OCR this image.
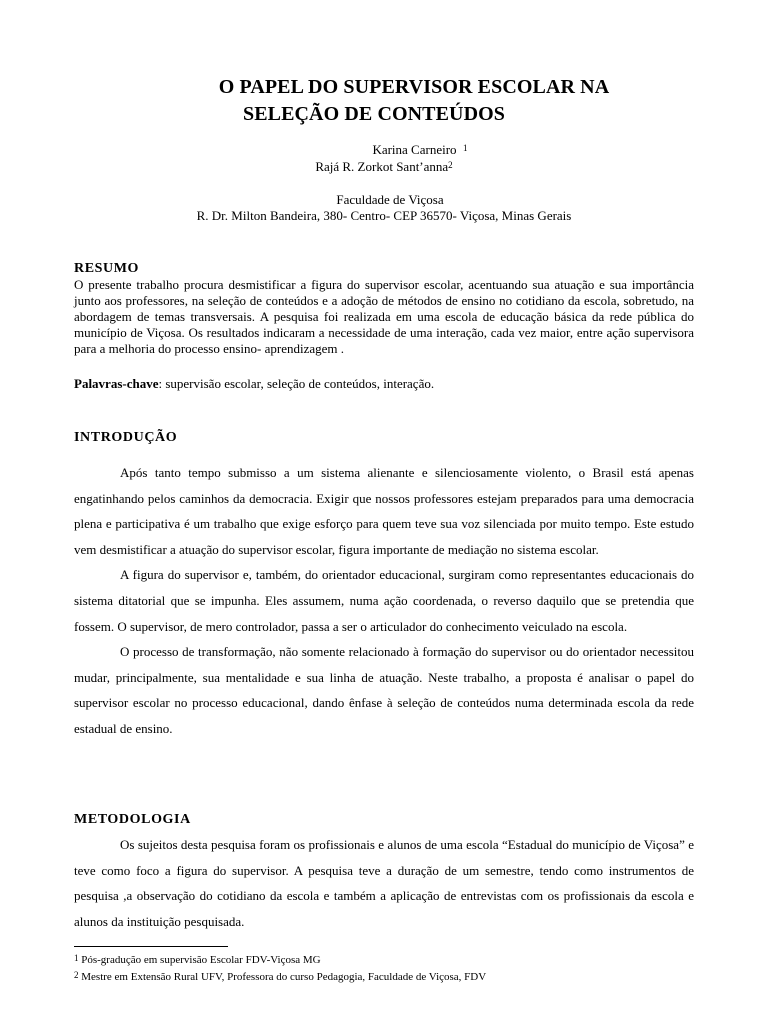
O PAPEL DO SUPERVISOR ESCOLAR NA
SELEÇÃO DE CONTEÚDOS
Karina Carneiro $^1$
Rajá R. Zorkot Sant’anna$^2$
Faculdade de Viçosa
R. Dr. Milton Bandeira, 380- Centro- CEP 36570- Viçosa, Minas Gerais
RESUMO
O presente trabalho procura desmistificar a figura do supervisor escolar, acentuando sua atuação e sua importância junto aos professores, na seleção de conteúdos e a adoção de métodos de ensino no cotidiano da escola, sobretudo, na abordagem de temas transversais. A pesquisa foi realizada em uma escola de educação básica da rede pública do município de Viçosa. Os resultados indicaram a necessidade de uma interação, cada vez maior, entre ação supervisora para a melhoria do processo ensino- aprendizagem .
Palavras-chave: supervisão escolar, seleção de conteúdos, interação.
INTRODUÇÃO
Após tanto tempo submisso a um sistema alienante e silenciosamente violento, o Brasil está apenas engatinhando pelos caminhos da democracia. Exigir que nossos professores estejam preparados para uma democracia plena e participativa é um trabalho que exige esforço para quem teve sua voz silenciada por muito tempo. Este estudo vem desmistificar a atuação do supervisor escolar, figura importante de mediação no sistema escolar.
A figura do supervisor e, também, do orientador educacional, surgiram como representantes educacionais do sistema ditatorial que se impunha. Eles assumem, numa ação coordenada, o reverso daquilo que se pretendia que fossem. O supervisor, de mero controlador, passa a ser o articulador do conhecimento veiculado na escola.
O processo de transformação, não somente relacionado à formação do supervisor ou do orientador necessitou mudar, principalmente, sua mentalidade e sua linha de atuação. Neste trabalho, a proposta é analisar o papel do supervisor escolar no processo educacional, dando ênfase à seleção de conteúdos numa determinada escola da rede estadual de ensino.
METODOLOGIA
Os sujeitos desta pesquisa foram os profissionais e alunos de uma escola “Estadual do município de Viçosa” e teve como foco a figura do supervisor. A pesquisa teve a duração de um semestre, tendo como instrumentos de pesquisa ,a observação do cotidiano da escola e também a aplicação de entrevistas com os profissionais da escola e alunos da instituição pesquisada.
$^1$ Pós-gradução em supervisão Escolar FDV-Viçosa MG
$^2$ Mestre em Extensão Rural UFV, Professora do curso Pedagogia, Faculdade de Viçosa, FDV
